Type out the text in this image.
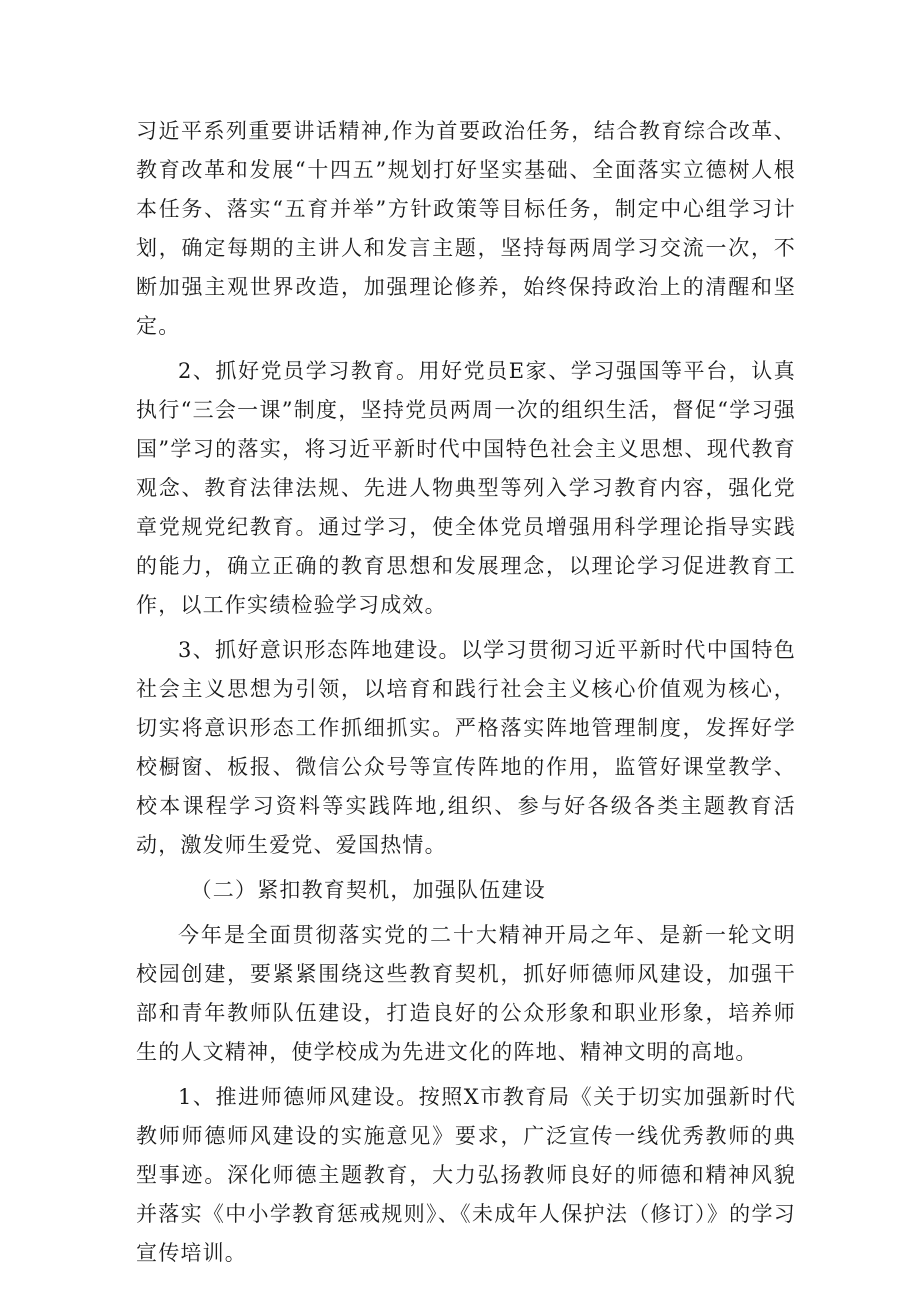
习近平系列重要讲话精神,作为首要政治任务，结合教育综合改革、教育改革和发展“十四五”规划打好坚实基础、全面落实立德树人根本任务、落实“五育并举”方针政策等目标任务，制定中心组学习计划，确定每期的主讲人和发言主题，坚持每两周学习交流一次，不断加强主观世界改造，加强理论修养，始终保持政治上的清醒和坚定。

2、抓好党员学习教育。用好党员E家、学习强国等平台，认真执行“三会一课”制度，坚持党员两周一次的组织生活，督促“学习强国”学习的落实，将习近平新时代中国特色社会主义思想、现代教育观念、教育法律法规、先进人物典型等列入学习教育内容，强化党章党规党纪教育。通过学习，使全体党员增强用科学理论指导实践的能力，确立正确的教育思想和发展理念，以理论学习促进教育工作，以工作实绩检验学习成效。

3、抓好意识形态阵地建设。以学习贯彻习近平新时代中国特色社会主义思想为引领，以培育和践行社会主义核心价值观为核心，切实将意识形态工作抓细抓实。严格落实阵地管理制度，发挥好学校橱窗、板报、微信公众号等宣传阵地的作用，监管好课堂教学、校本课程学习资料等实践阵地,组织、参与好各级各类主题教育活动，激发师生爱党、爱国热情。

（二）紧扣教育契机，加强队伍建设

今年是全面贯彻落实党的二十大精神开局之年、是新一轮文明校园创建，要紧紧围绕这些教育契机，抓好师德师风建设，加强干部和青年教师队伍建设，打造良好的公众形象和职业形象，培养师生的人文精神，使学校成为先进文化的阵地、精神文明的高地。

1、推进师德师风建设。按照X市教育局《关于切实加强新时代教师师德师风建设的实施意见》要求，广泛宣传一线优秀教师的典型事迹。深化师德主题教育，大力弘扬教师良好的师德和精神风貌并落实《中小学教育惩戒规则》、《未成年人保护法（修订）》的学习宣传培训。
